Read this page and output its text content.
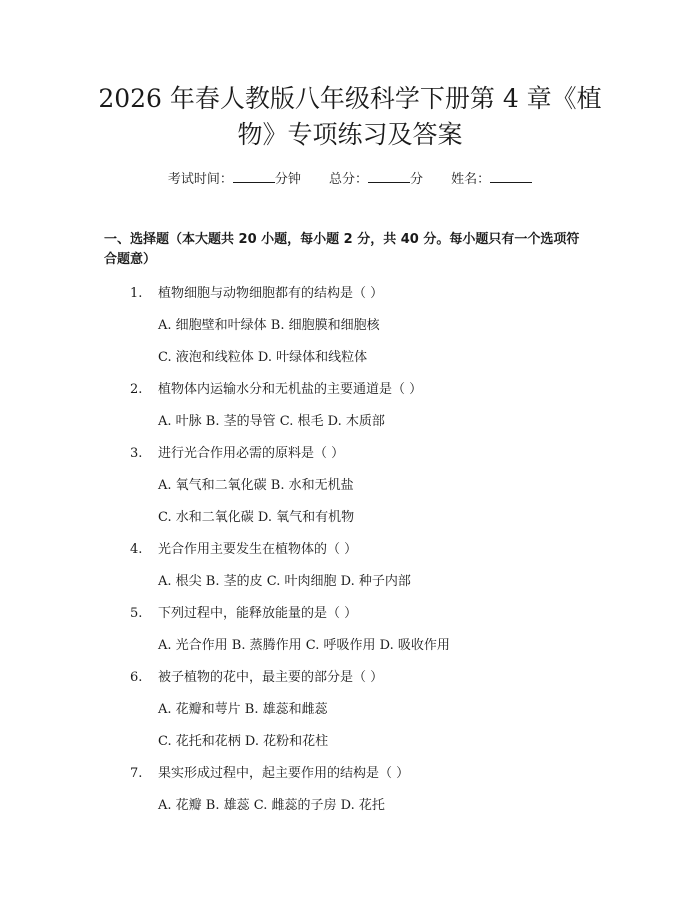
2026 年春人教版八年级科学下册第 4 章《植
物》专项练习及答案
考试时间：	分钟 总分：	分 姓名：
一、选择题（本大题共 20 小题，每小题 2 分，共 40 分。每小题只有一个选项符
合题意）
1. 植物细胞与动物细胞都有的结构是（ ）
A. 细胞壁和叶绿体 B. 细胞膜和细胞核
C. 液泡和线粒体 D. 叶绿体和线粒体
2. 植物体内运输水分和无机盐的主要通道是（ ）
A. 叶脉 B. 茎的导管 C. 根毛 D. 木质部
3. 进行光合作用必需的原料是（ ）
A. 氧气和二氧化碳 B. 水和无机盐
C. 水和二氧化碳 D. 氧气和有机物
4. 光合作用主要发生在植物体的（ ）
A. 根尖 B. 茎的皮 C. 叶肉细胞 D. 种子内部
5. 下列过程中，能释放能量的是（ ）
A. 光合作用 B. 蒸腾作用 C. 呼吸作用 D. 吸收作用
6. 被子植物的花中，最主要的部分是（ ）
A. 花瓣和萼片 B. 雄蕊和雌蕊
C. 花托和花柄 D. 花粉和花柱
7. 果实形成过程中，起主要作用的结构是（ ）
A. 花瓣 B. 雄蕊 C. 雌蕊的子房 D. 花托
